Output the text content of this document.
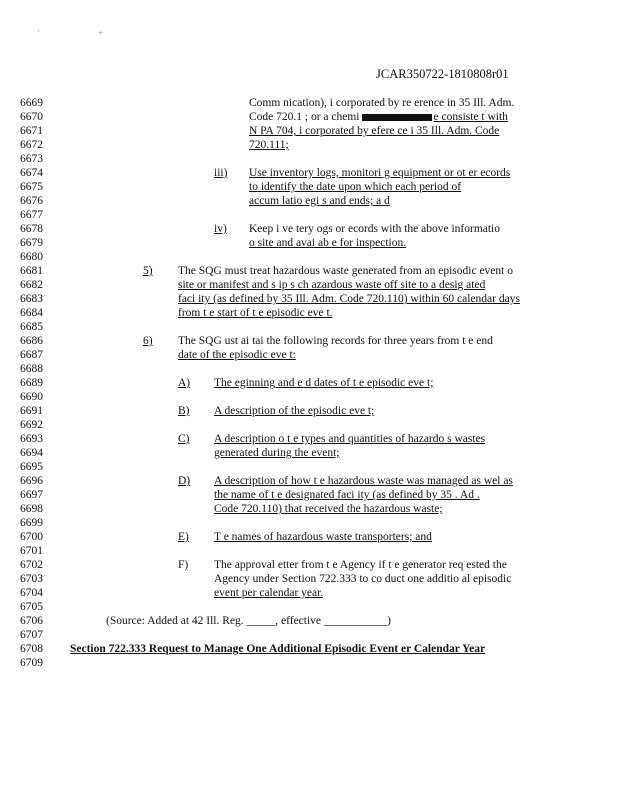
' +
JCAR350722-1810808r01
6669
6670
6671
6672
6673
6674
6675
6676
6677
6678
6679
6680
6681
6682
6683
6684
6685
6686
6687
6688
6689
6690
6691
6692
6693
6694
6695
6696
6697
6698
6699
6700
6701
6702
6703
6704
6705
6706
6707
6708
6709
Comm nication), i corporated by re erence in 35 Ill. Adm.
Code 720.1 ; or a chemi	e consiste t with
N PA 704, i corporated by efere ce i 35 Ill. Adm. Code
720.111;
iii) Use inventory logs, monitori g equipment or ot er ecords
to identify the date upon which each period of
accum latio egi s and ends; a d
iv) Keep i ve tery ogs or ecords with the above informatio
o site and avai ab e for inspection.
5) The SQG must treat hazardous waste generated from an episodic event o
site or manifest and s ip s ch azardous waste off site to a desig ated
faci ity (as defined by 35 Ill. Adm. Code 720.110) within 60 calendar days
from t e start of t e episodic eve t.
6) The SQG ust ai tai the following records for three years from t e end
date of the episodic eve t:
A) The eginning and e d dates of t e episodic eve t;
B) A description of the episodic eve t;
C) A description o t e types and quantities of hazardo s wastes
generated during the event;
D) A description of how t e hazardous waste was managed as wel as
the name of t e designated faci ity (as defined by 35 . Ad .
Code 720.110) that received the hazardous waste;
E) T e names of hazardous waste transporters; and
F) The approval etter from t e Agency if t e generator req ested the
Agency under Section 722.333 to co duct one additio al episodic
event per calendar year.
(Source: Added at 42 Ill. Reg. _____, effective ___________)
Section 722.333 Request to Manage One Additional Episodic Event er Calendar Year
